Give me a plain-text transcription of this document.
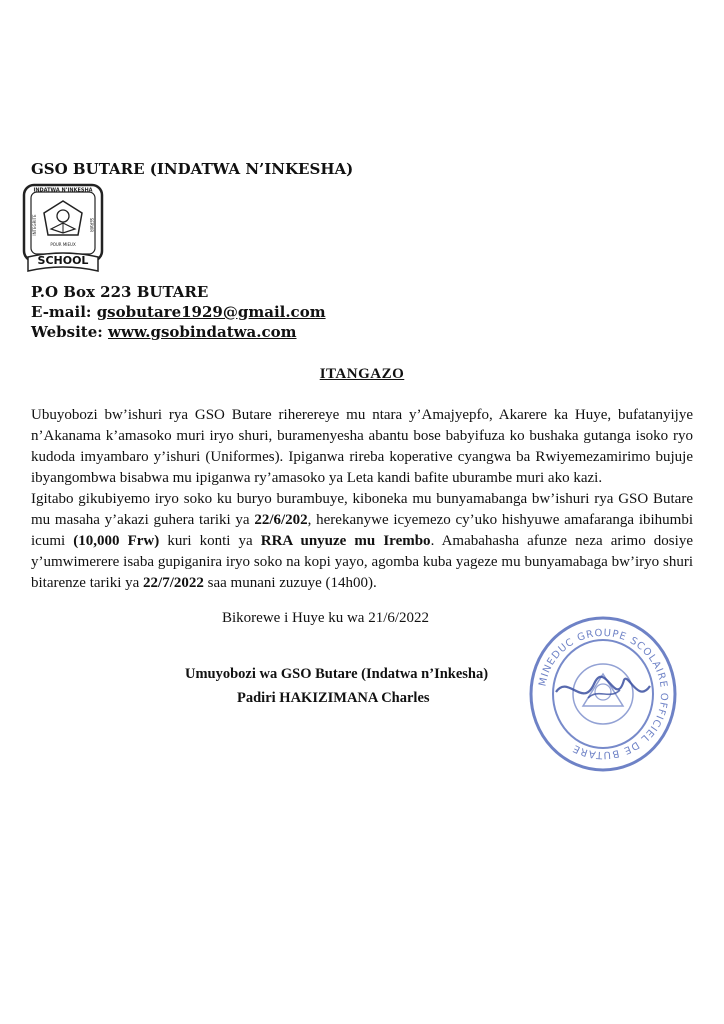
GSO BUTARE (INDATWA N’INKESHA)
INDATWA N’INKESHA
POUR MIEUX
INTEGRITE	SERVIR
SCHOOL
P.O Box 223 BUTARE
E-mail: gsobutare1929@gmail.com
Website: www.gsobindatwa.com
ITANGAZO

Ubuyobozi bw’ishuri rya GSO Butare riherereye mu ntara y’Amajyepfo, Akarere ka Huye, bufatanyijye n’Akanama k’amasoko muri iryo shuri, buramenyesha abantu bose babyifuza ko bushaka gutanga isoko ryo kudoda imyambaro y’ishuri (Uniformes). Ipiganwa rireba koperative cyangwa ba Rwiyemezamirimo bujuje ibyangombwa bisabwa mu ipiganwa ry’amasoko ya Leta kandi bafite uburambe muri ako kazi.

Igitabo gikubiyemo iryo soko ku buryo burambuye, kiboneka mu bunyamabanga bw’ishuri rya GSO Butare mu masaha y’akazi guhera tariki ya 22/6/202, herekanywe icyemezo cy’uko hishyuwe amafaranga ibihumbi icumi (10,000 Frw) kuri konti ya RRA unyuze mu Irembo. Amabahasha afunze neza arimo dosiye y’umwimerere isaba gupiganira iryo soko na kopi yayo, agomba kuba yageze mu bunyamabaga bw’iryo shuri bitarenze tariki ya 22/7/2022 saa munani zuzuye (14h00).

Bikorewe i Huye ku wa 21/6/2022
Umuyobozi wa GSO Butare (Indatwa n’Inkesha)
Padiri HAKIZIMANA Charles
MINEDUC GROUPE SCOLAIRE OFFICIEL DE BUTARE
